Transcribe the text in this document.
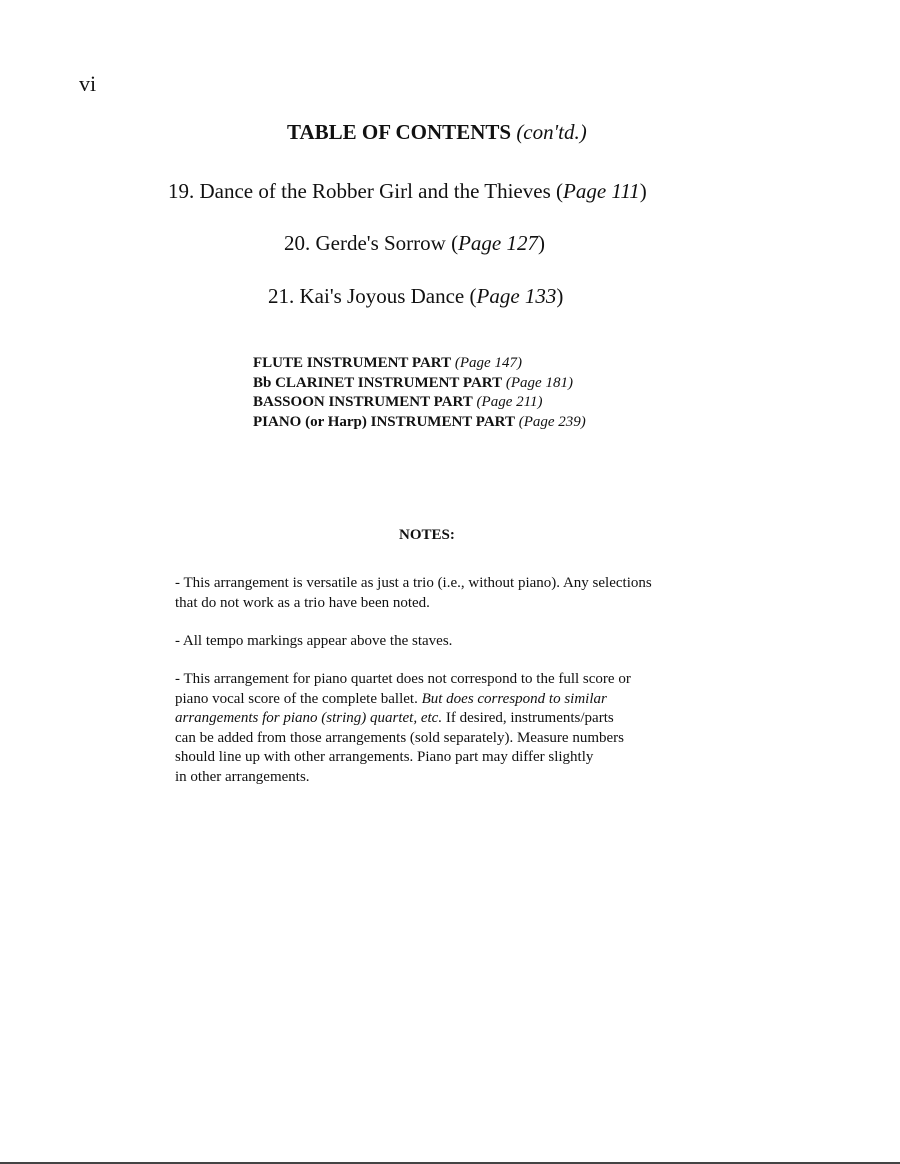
vi
TABLE OF CONTENTS (con'td.)
19. Dance of the Robber Girl and the Thieves (Page 111)
20. Gerde's Sorrow (Page 127)
21. Kai's Joyous Dance (Page 133)
FLUTE INSTRUMENT PART (Page 147)
Bb CLARINET INSTRUMENT PART (Page 181)
BASSOON INSTRUMENT PART (Page 211)
PIANO (or Harp) INSTRUMENT PART (Page 239)
NOTES:

- This arrangement is versatile as just a trio (i.e., without piano). Any selections

that do not work as a trio have been noted.

- All tempo markings appear above the staves.

- This arrangement for piano quartet does not correspond to the full score or

piano vocal score of the complete ballet. But does correspond to similar

arrangements for piano (string) quartet, etc. If desired, instruments/parts

can be added from those arrangements (sold separately). Measure numbers

should line up with other arrangements. Piano part may differ slightly

in other arrangements.
